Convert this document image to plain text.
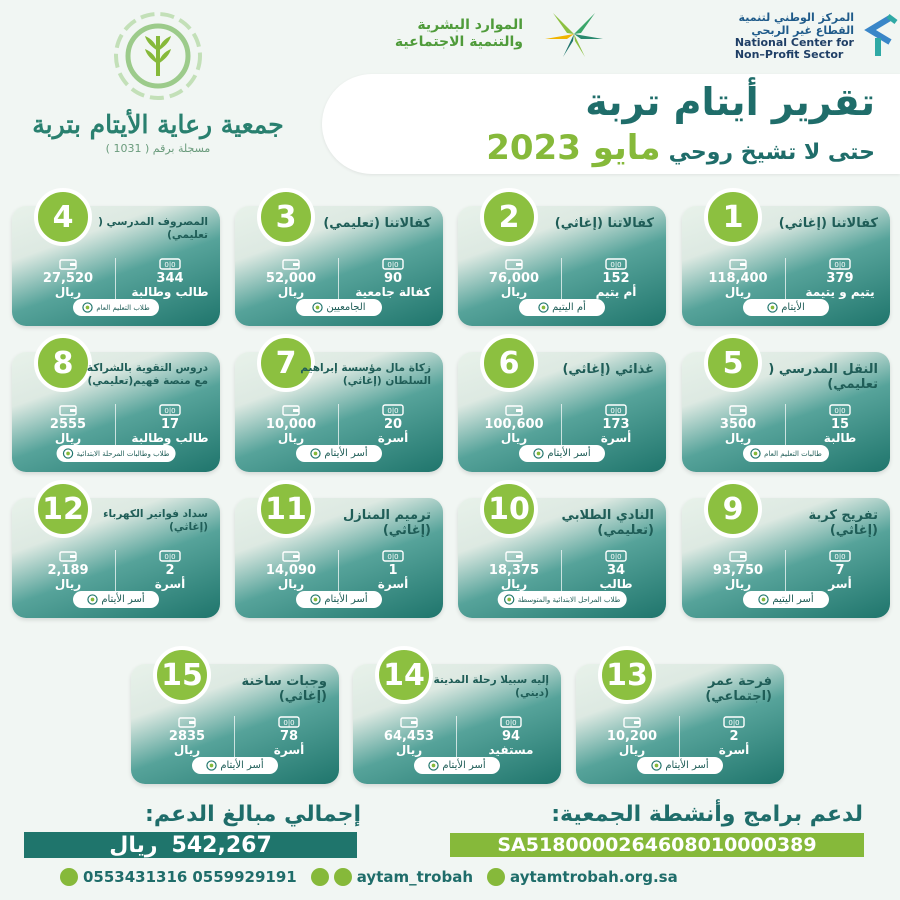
المركز الوطني لتنمية
القطاع غير الربحي
National Center for
Non–Profit Sector
الموارد البشرية
والتنمية الاجتماعية
جمعية رعاية الأيتام بتربة
مسجلة برقم ( 1031 )
تقرير أيتام تربة
حتى لا تشيخ روحي
مايو 2023
1	كفالاتنا (إغاثي)
0|0
379
يتيم و يتيمة
118,400
ريال
الأيتام
2	كفالاتنا (إغاثي)
0|0
152
أم يتيم
76,000
ريال
أم اليتيم
3	كفالاتنا (تعليمي)
0|0
90
كفالة جامعية
52,000
ريال
الجامعيين
4	المصروف المدرسي ( تعليمي)
0|0
344
طالب وطالبة
27,520
ريال
طلاب التعليم العام
5	النقل المدرسي ( تعليمي)
0|0
15
طالبة
3500
ريال
طالبات التعليم العام
6	غذائي (إغاثي)
0|0
173
أسرة
100,600
ريال
أسر الأيتام
7 زكاة مال مؤسسة إبراهيم السلطان (إغاثي)
0|0
20
أسرة
10,000
ريال
أسر الأيتام
8	دروس التقوية بالشراكة مع منصة فهيم(تعليمي)
0|0
17
طالب وطالبة
2555
ريال
طلاب وطالبات المرحلة الابتدائية
9	تفريج كربة (إغاثي)
0|0
7
أسر
93,750
ريال
أسر اليتيم
10	النادي الطلابي (تعليمي)
0|0
34
طالب
18,375
ريال
طلاب المراحل الابتدائية والمتوسطة
11	ترميم المنازل (إغاثي)
0|0
1
أسرة
14,090
ريال
أسر الأيتام
12	سداد فواتير الكهرباء (إغاثي)
0|0
2
أسرة
2,189
ريال
أسر الأيتام
13	فرحة عمر (اجتماعي)
0|0
2
أسرة
10,200
ريال
أسر الأيتام
14 إليه سبيلا رحلة المدينة (ديني)
0|0
94
مستفيد
64,453
ريال
أسر الأيتام
15	وجبات ساخنة (إغاثي)
0|0
78
أسرة
2835
ريال
أسر الأيتام
إجمالي مبالغ الدعم:
542,267
ريال
لدعم برامج وأنشطة الجمعية:
SA5180000264608010000389
0553431316 0559929191	aytam_trobah aytamtrobah.org.sa
